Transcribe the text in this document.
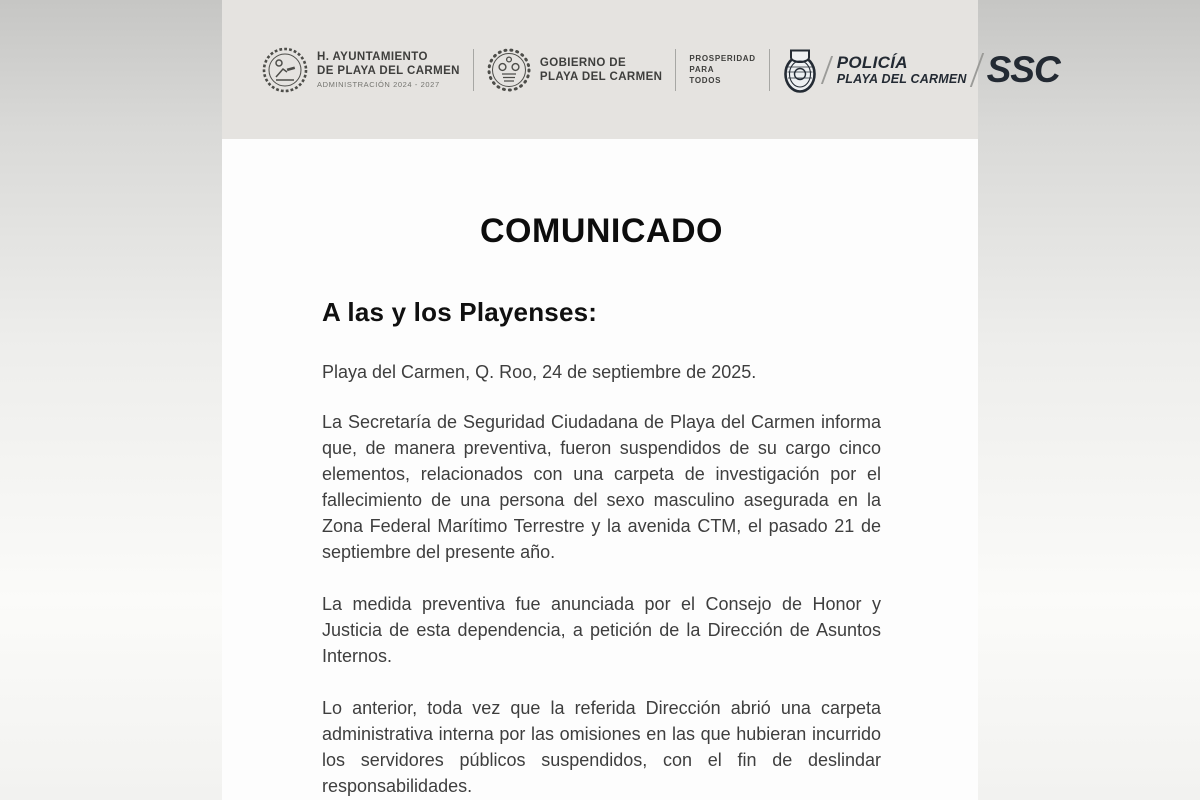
H. AYUNTAMIENTO
DE PLAYA DEL CARMEN
ADMINISTRACIÓN 2024 - 2027
GOBIERNO DE
PLAYA DEL CARMEN
PROSPERIDAD
PARA
TODOS
POLICÍA
PLAYA DEL CARMEN SSC
COMUNICADO
A las y los Playenses:

Playa del Carmen, Q. Roo, 24 de septiembre de 2025.

La Secretaría de Seguridad Ciudadana de Playa del Carmen informa que, de manera preventiva, fueron suspendidos de su cargo cinco elementos, relacionados con una carpeta de investigación por el fallecimiento de una persona del sexo masculino asegurada en la Zona Federal Marítimo Terrestre y la avenida CTM, el pasado 21 de septiembre del presente año.

La medida preventiva fue anunciada por el Consejo de Honor y Justicia de esta dependencia, a petición de la Dirección de Asuntos Internos.

Lo anterior, toda vez que la referida Dirección abrió una carpeta administrativa interna por las omisiones en las que hubieran incurrido los servidores públicos suspendidos, con el fin de deslindar responsabilidades.
